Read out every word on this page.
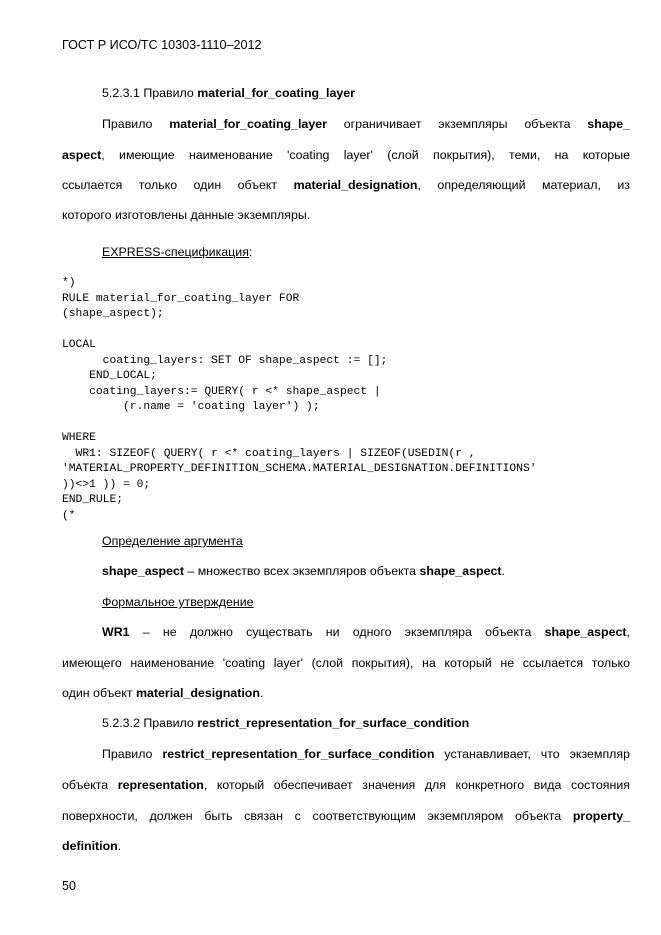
ГОСТ Р ИСО/ТС 10303-1110–2012
5.2.3.1 Правило material_for_coating_layer
Правило material_for_coating_layer ограничивает экземпляры объекта shape_
aspect, имеющие наименование 'coating layer' (слой покрытия), теми, на которые
ссылается только один объект material_designation, определяющий материал, из
которого изготовлены данные экземпляры.
EXPRESS-спецификация:
*)
RULE material_for_coating_layer FOR
(shape_aspect);

LOCAL
coating_layers: SET OF shape_aspect := [];
END_LOCAL;
coating_layers:= QUERY( r <* shape_aspect |
(r.name = 'coating layer') );

WHERE
WR1: SIZEOF( QUERY( r <* coating_layers | SIZEOF(USEDIN(r ,
'MATERIAL_PROPERTY_DEFINITION_SCHEMA.MATERIAL_DESIGNATION.DEFINITIONS'
))<>1 )) = 0;
END_RULE;
(*
Определение аргумента
shape_aspect – множество всех экземпляров объекта shape_aspect.
Формальное утверждение
WR1 – не должно существать ни одного экземпляра объекта shape_aspect,
имеющего наименование 'coating layer' (слой покрытия), на который не ссылается только
один объект material_designation.
5.2.3.2 Правило restrict_representation_for_surface_condition
Правило restrict_representation_for_surface_condition устанавливает, что экземпляр
объекта representation, который обеспечивает значения для конкретного вида состояния
поверхности, должен быть связан с соответствующим экземпляром объекта property_
definition.
50
